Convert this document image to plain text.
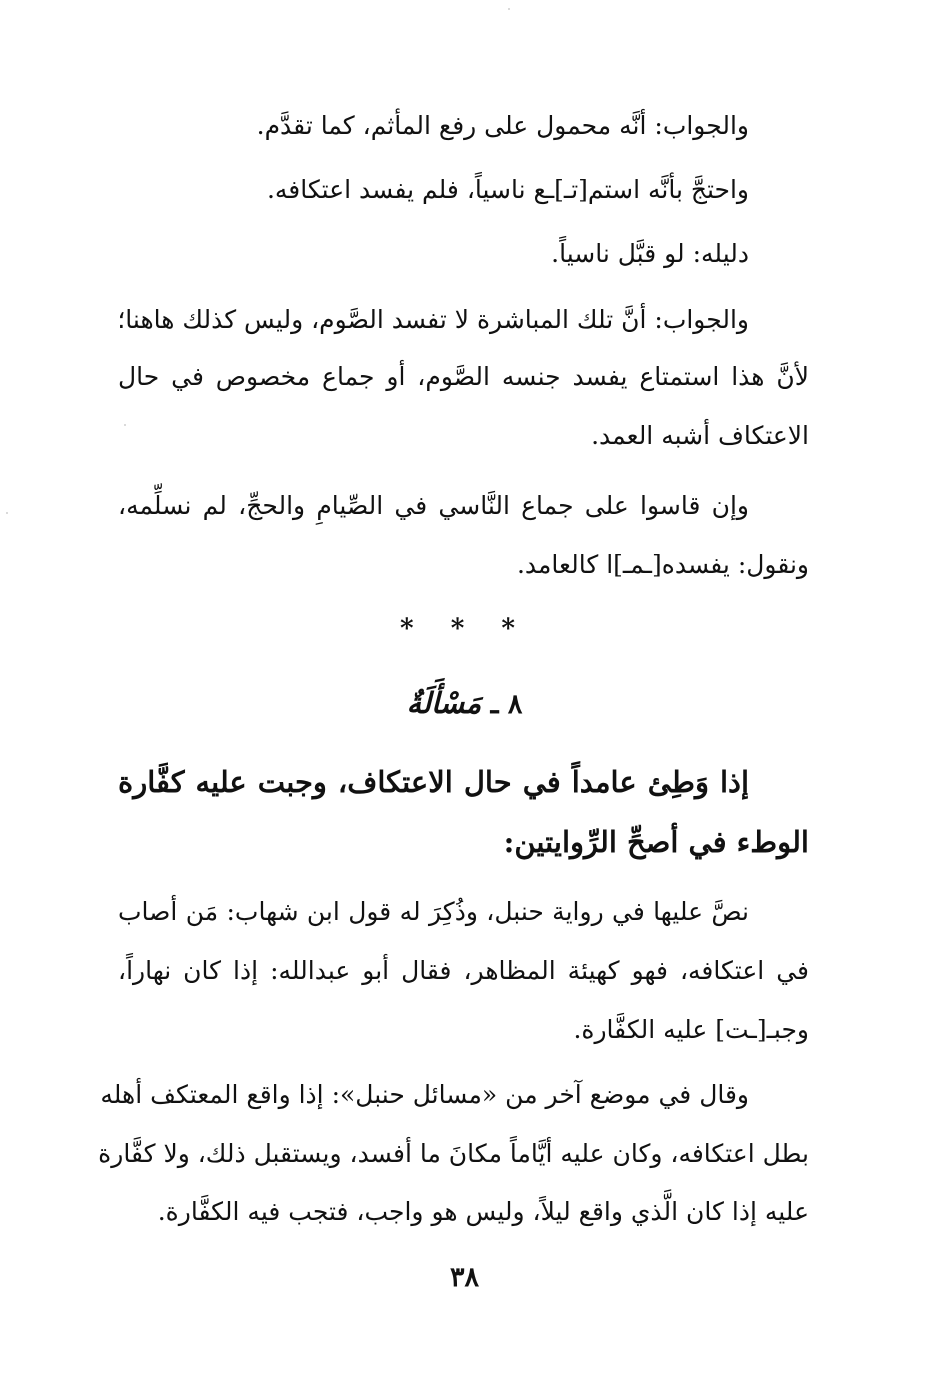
والجواب: أنَّه محمول على رفع المأثم، كما تقدَّم.
واحتجَّ بأنَّه استم[تـ]ـع ناسياً، فلم يفسد اعتكافه.
دليله: لو قبَّل ناسياً.
والجواب: أنَّ تلك المباشرة لا تفسد الصَّوم، وليس كذلك هاهنا؛
لأنَّ هذا استمتاع يفسد جنسه الصَّوم، أو جماع مخصوص في حال
الاعتكاف أشبه العمد.
وإن قاسوا على جماع النَّاسي في الصِّيامِ والحجِّ، لم نسلِّمه،
ونقول: يفسده[ـمـ]ا كالعامد.
* * *
٨ ـ مَسْأَلَةٌ
إذا وَطِئ عامداً في حال الاعتكاف، وجبت عليه كفَّارة
الوطء في أصحِّ الرِّوايتين:
نصَّ عليها في رواية حنبل، وذُكِرَ له قول ابن شهاب: مَن أصاب
في اعتكافه، فهو كهيئة المظاهر، فقال أبو عبدالله: إذا كان نهاراً،
وجبـ[ـت] عليه الكفَّارة.
وقال في موضع آخر من «مسائل حنبل»: إذا واقع المعتكف أهله
بطل اعتكافه، وكان عليه أيَّاماً مكانَ ما أفسد، ويستقبل ذلك، ولا كفَّارة
عليه إذا كان الَّذي واقع ليلاً، وليس هو واجب، فتجب فيه الكفَّارة.
٣٨
